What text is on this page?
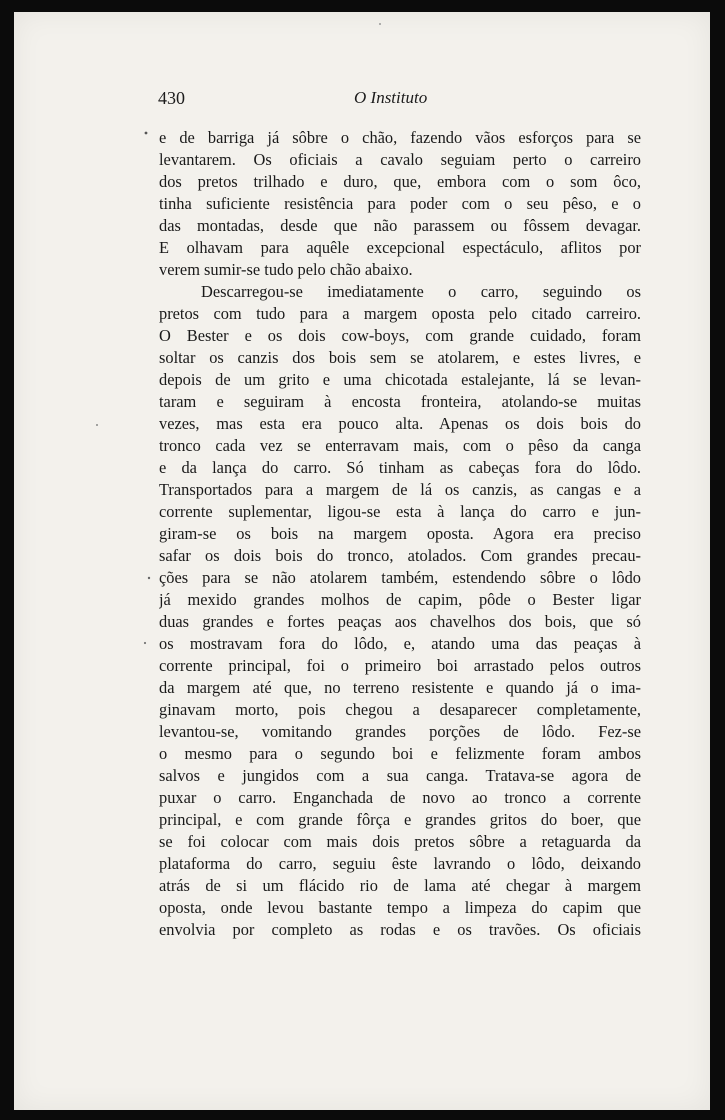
430	O Instituto
e de barriga já sôbre o chão, fazendo vãos esforços para se
levantarem. Os oficiais a cavalo seguiam perto o carreiro
dos pretos trilhado e duro, que, embora com o som ôco,
tinha suficiente resistência para poder com o seu pêso, e o
das montadas, desde que não parassem ou fôssem devagar.
E olhavam para aquêle excepcional espectáculo, aflitos por
verem sumir-se tudo pelo chão abaixo.
Descarregou-se imediatamente o carro, seguindo os
pretos com tudo para a margem oposta pelo citado carreiro.
O Bester e os dois cow-boys, com grande cuidado, foram
soltar os canzis dos bois sem se atolarem, e estes livres, e
depois de um grito e uma chicotada estalejante, lá se levan-
taram e seguiram à encosta fronteira, atolando-se muitas
vezes, mas esta era pouco alta. Apenas os dois bois do
tronco cada vez se enterravam mais, com o pêso da canga
e da lança do carro. Só tinham as cabeças fora do lôdo.
Transportados para a margem de lá os canzis, as cangas e a
corrente suplementar, ligou-se esta à lança do carro e jun-
giram-se os bois na margem oposta. Agora era preciso
safar os dois bois do tronco, atolados. Com grandes precau-
ções para se não atolarem também, estendendo sôbre o lôdo
já mexido grandes molhos de capim, pôde o Bester ligar
duas grandes e fortes peaças aos chavelhos dos bois, que só
os mostravam fora do lôdo, e, atando uma das peaças à
corrente principal, foi o primeiro boi arrastado pelos outros
da margem até que, no terreno resistente e quando já o ima-
ginavam morto, pois chegou a desaparecer completamente,
levantou-se, vomitando grandes porções de lôdo. Fez-se
o mesmo para o segundo boi e felizmente foram ambos
salvos e jungidos com a sua canga. Tratava-se agora de
puxar o carro. Enganchada de novo ao tronco a corrente
principal, e com grande fôrça e grandes gritos do boer, que
se foi colocar com mais dois pretos sôbre a retaguarda da
plataforma do carro, seguiu êste lavrando o lôdo, deixando
atrás de si um flácido rio de lama até chegar à margem
oposta, onde levou bastante tempo a limpeza do capim que
envolvia por completo as rodas e os travões. Os oficiais
